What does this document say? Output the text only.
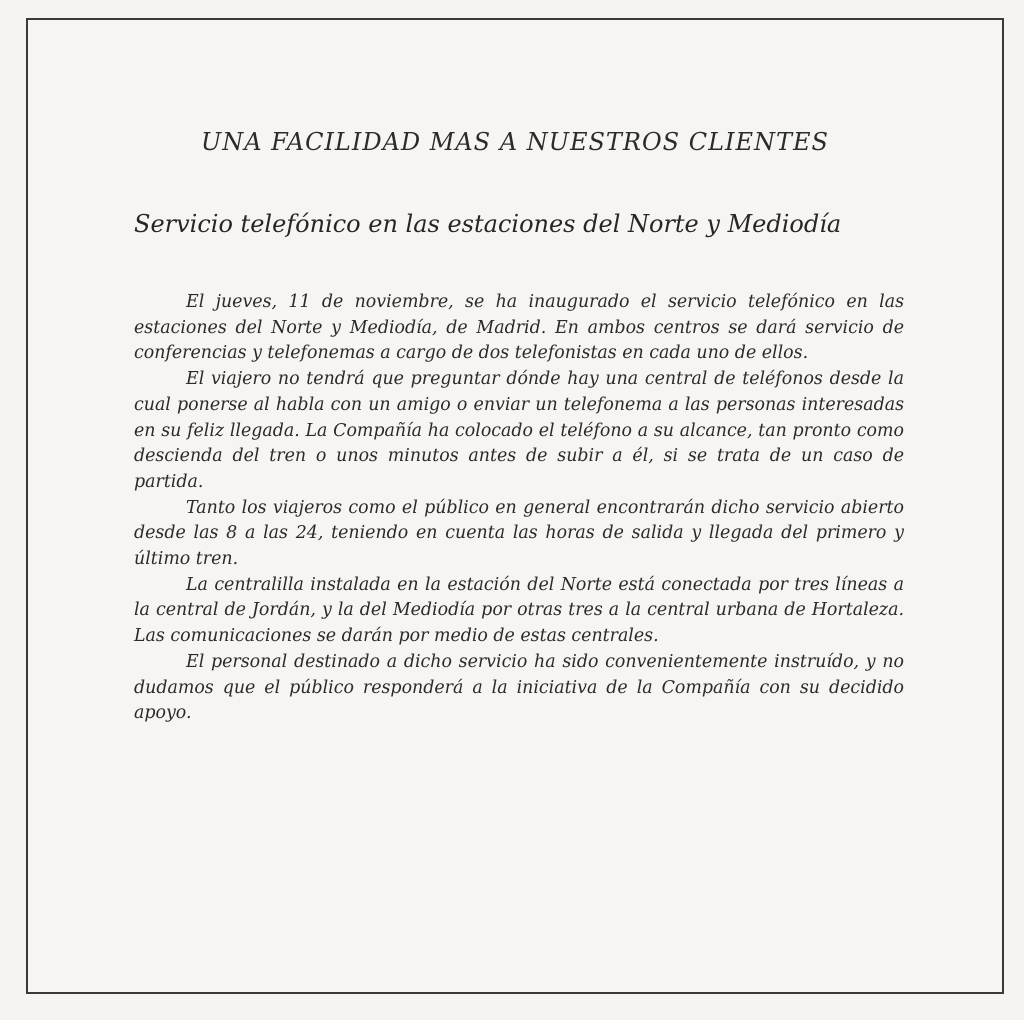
UNA FACILIDAD MAS A NUESTROS CLIENTES
Servicio telefónico en las estaciones del Norte y Mediodía

El jueves, 11 de noviembre, se ha inaugurado el servicio telefónico en las estaciones del Norte y Mediodía, de Madrid. En ambos centros se dará servicio de conferencias y telefonemas a cargo de dos telefonistas en cada uno de ellos.

El viajero no tendrá que preguntar dónde hay una central de teléfonos desde la cual ponerse al habla con un amigo o enviar un telefonema a las personas interesadas en su feliz llegada. La Compañía ha colocado el teléfono a su alcance, tan pronto como descienda del tren o unos minutos antes de subir a él, si se trata de un caso de partida.

Tanto los viajeros como el público en general encontrarán dicho servicio abierto desde las 8 a las 24, teniendo en cuenta las horas de salida y llegada del primero y último tren.

La centralilla instalada en la estación del Norte está conectada por tres líneas a la central de Jordán, y la del Mediodía por otras tres a la central urbana de Hortaleza. Las comunicaciones se darán por medio de estas centrales.

El personal destinado a dicho servicio ha sido convenientemente instruído, y no dudamos que el público responderá a la iniciativa de la Compañía con su decidido apoyo.
